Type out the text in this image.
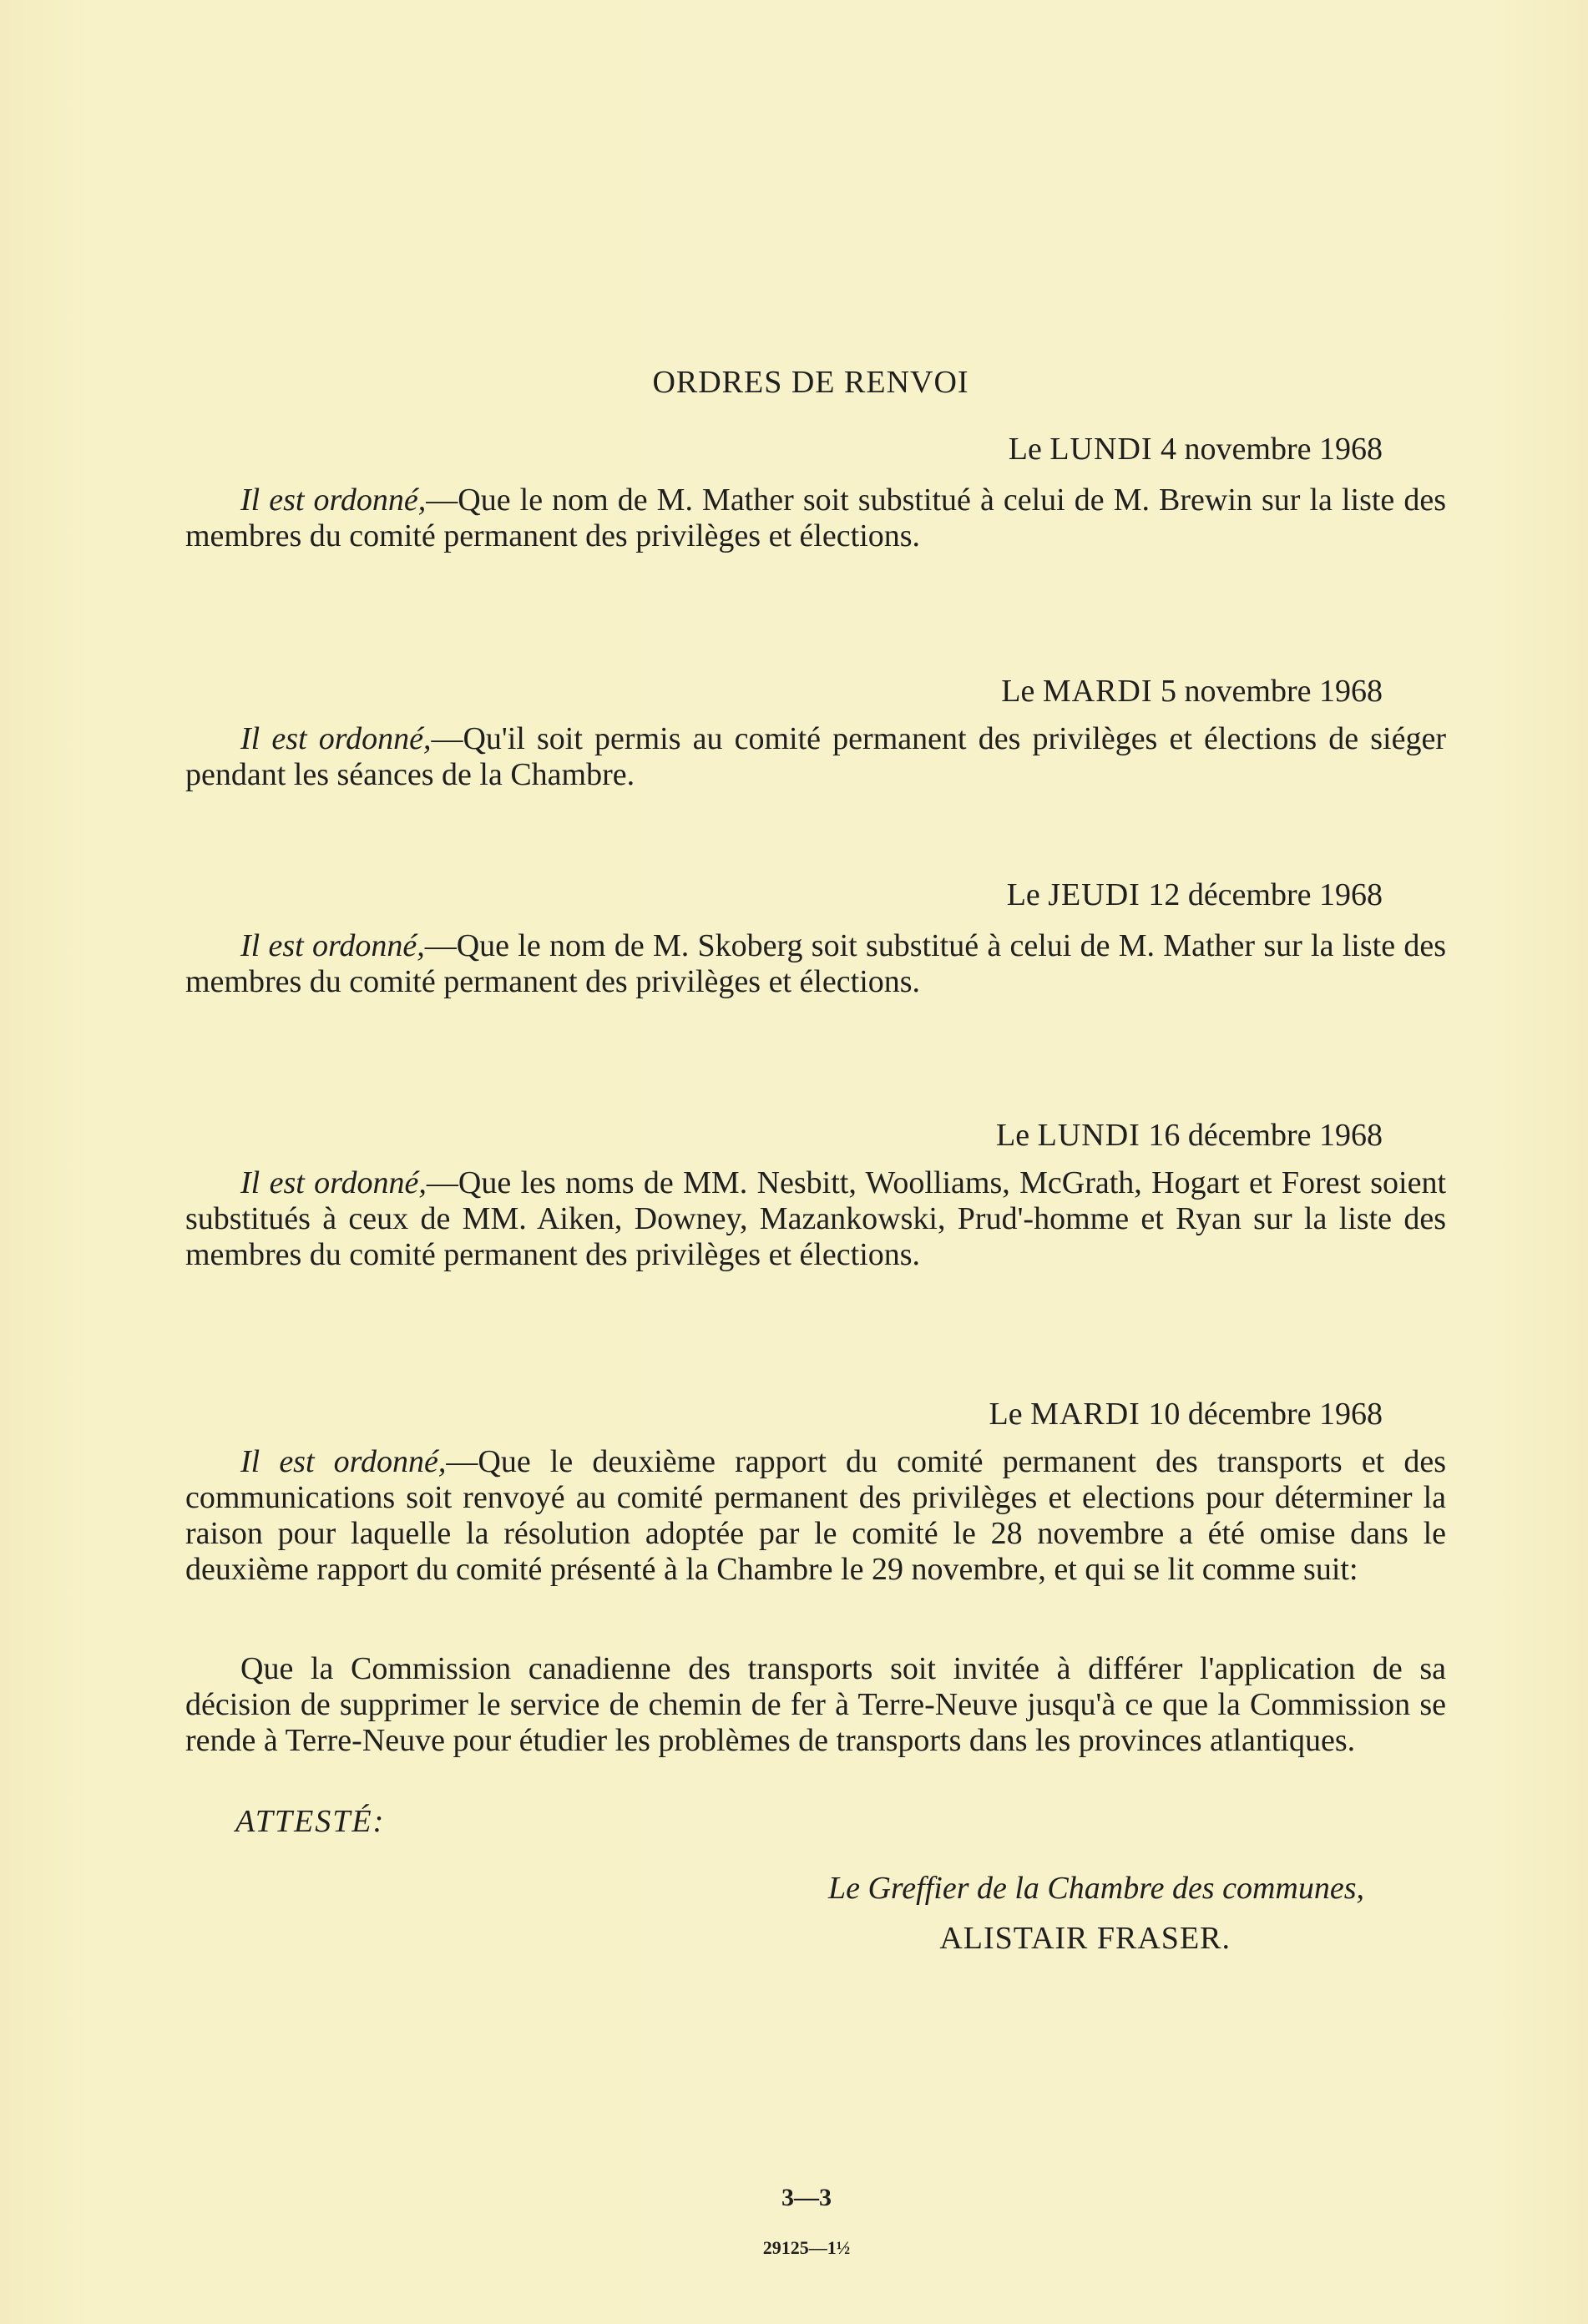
ORDRES DE RENVOI
Le LUNDI 4 novembre 1968
Il est ordonné,—Que le nom de M. Mather soit substitué à celui de M. Brewin sur la liste des membres du comité permanent des privilèges et élections.
Le MARDI 5 novembre 1968
Il est ordonné,—Qu'il soit permis au comité permanent des privilèges et élections de siéger pendant les séances de la Chambre.
Le JEUDI 12 décembre 1968
Il est ordonné,—Que le nom de M. Skoberg soit substitué à celui de M. Mather sur la liste des membres du comité permanent des privilèges et élections.
Le LUNDI 16 décembre 1968
Il est ordonné,—Que les noms de MM. Nesbitt, Woolliams, McGrath, Hogart et Forest soient substitués à ceux de MM. Aiken, Downey, Mazankowski, Prud'-homme et Ryan sur la liste des membres du comité permanent des privilèges et élections.
Le MARDI 10 décembre 1968
Il est ordonné,—Que le deuxième rapport du comité permanent des transports et des communications soit renvoyé au comité permanent des privilèges et elections pour déterminer la raison pour laquelle la résolution adoptée par le comité le 28 novembre a été omise dans le deuxième rapport du comité présenté à la Chambre le 29 novembre, et qui se lit comme suit:
Que la Commission canadienne des transports soit invitée à différer l'application de sa décision de supprimer le service de chemin de fer à Terre-Neuve jusqu'à ce que la Commission se rende à Terre-Neuve pour étudier les problèmes de transports dans les provinces atlantiques.
ATTESTÉ:
Le Greffier de la Chambre des communes,
ALISTAIR FRASER.
3—3
29125—1½
